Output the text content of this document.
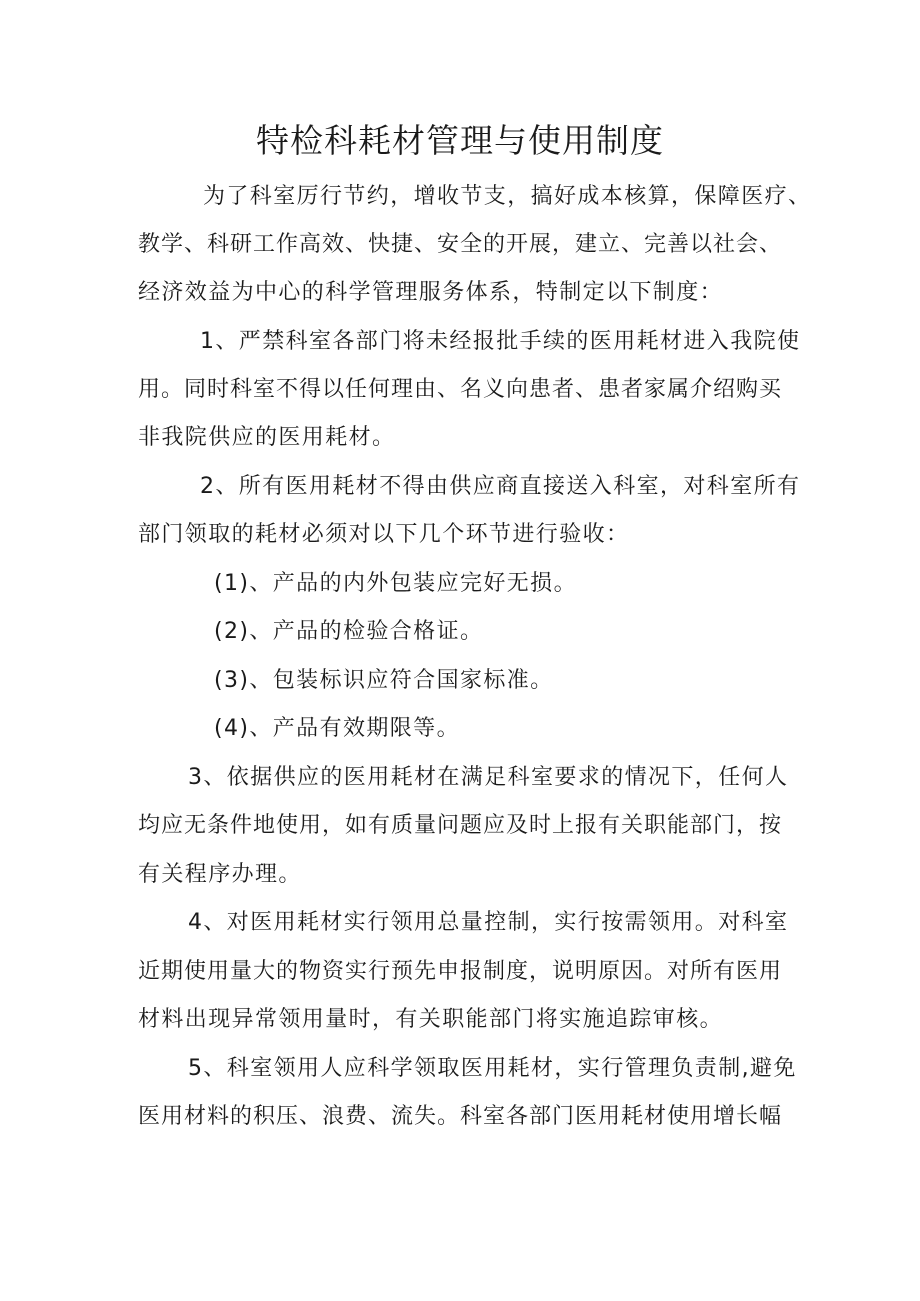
特检科耗材管理与使用制度

为了科室厉行节约，增收节支，搞好成本核算，保障医疗、

教学、科研工作高效、快捷、安全的开展，建立、完善以社会、

经济效益为中心的科学管理服务体系，特制定以下制度：

1、严禁科室各部门将未经报批手续的医用耗材进入我院使

用。同时科室不得以任何理由、名义向患者、患者家属介绍购买

非我院供应的医用耗材。

2、所有医用耗材不得由供应商直接送入科室，对科室所有

部门领取的耗材必须对以下几个环节进行验收：

(1)、产品的内外包装应完好无损。

(2)、产品的检验合格证。

(3)、包装标识应符合国家标准。

(4)、产品有效期限等。

3、依据供应的医用耗材在满足科室要求的情况下，任何人

均应无条件地使用，如有质量问题应及时上报有关职能部门，按

有关程序办理。

4、对医用耗材实行领用总量控制，实行按需领用。对科室

近期使用量大的物资实行预先申报制度，说明原因。对所有医用

材料出现异常领用量时，有关职能部门将实施追踪审核。

5、科室领用人应科学领取医用耗材，实行管理负责制,避免

医用材料的积压、浪费、流失。科室各部门医用耗材使用增长幅
